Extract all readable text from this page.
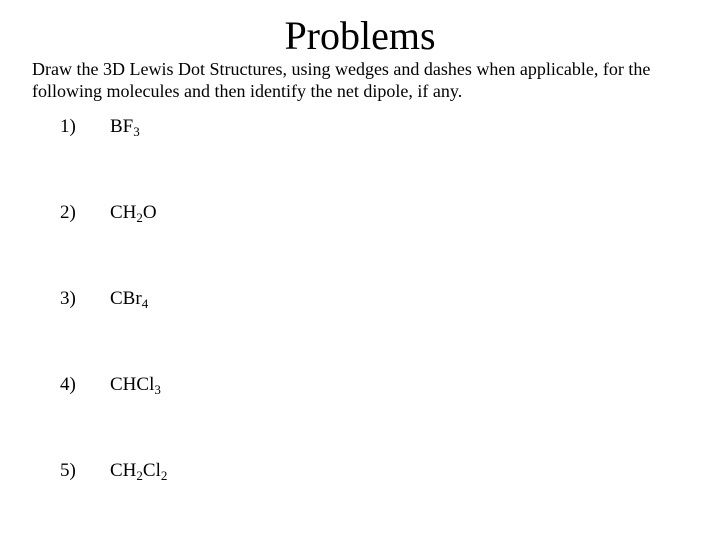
Problems

Draw the 3D Lewis Dot Structures, using wedges and dashes when applicable, for the following molecules and then identify the net dipole, if any.

1) $BF_3$
2) $CH_2O$
3) CBr$_4$
4) CHCl$_3$
5) $CH_2Cl_2$
